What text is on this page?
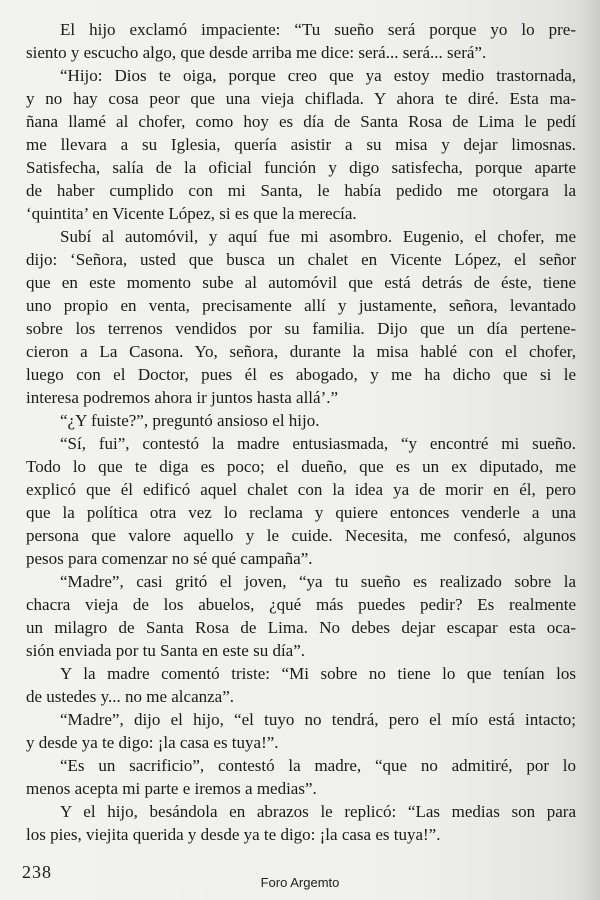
El hijo exclamó impaciente: “Tu sueño será porque yo lo pre-
siento y escucho algo, que desde arriba me dice: será... será... será”.
“Hijo: Dios te oiga, porque creo que ya estoy medio trastornada,
y no hay cosa peor que una vieja chiflada. Y ahora te diré. Esta ma-
ñana llamé al chofer, como hoy es día de Santa Rosa de Lima le pedí
me llevara a su Iglesia, quería asistir a su misa y dejar limosnas.
Satisfecha, salía de la oficial función y digo satisfecha, porque aparte
de haber cumplido con mi Santa, le había pedido me otorgara la
‘quintita’ en Vicente López, si es que la merecía.
Subí al automóvil, y aquí fue mi asombro. Eugenio, el chofer, me
dijo: ‘Señora, usted que busca un chalet en Vicente López, el señor
que en este momento sube al automóvil que está detrás de éste, tiene
uno propio en venta, precisamente allí y justamente, señora, levantado
sobre los terrenos vendidos por su familia. Dijo que un día pertene-
cieron a La Casona. Yo, señora, durante la misa hablé con el chofer,
luego con el Doctor, pues él es abogado, y me ha dicho que si le
interesa podremos ahora ir juntos hasta allá’.”
“¿Y fuiste?”, preguntó ansioso el hijo.
“Sí, fui”, contestó la madre entusiasmada, “y encontré mi sueño.
Todo lo que te diga es poco; el dueño, que es un ex diputado, me
explicó que él edificó aquel chalet con la idea ya de morir en él, pero
que la política otra vez lo reclama y quiere entonces venderle a una
persona que valore aquello y le cuide. Necesita, me confesó, algunos
pesos para comenzar no sé qué campaña”.
“Madre”, casi gritó el joven, “ya tu sueño es realizado sobre la
chacra vieja de los abuelos, ¿qué más puedes pedir? Es realmente
un milagro de Santa Rosa de Lima. No debes dejar escapar esta oca-
sión enviada por tu Santa en este su día”.
Y la madre comentó triste: “Mi sobre no tiene lo que tenían los
de ustedes y... no me alcanza”.
“Madre”, dijo el hijo, “el tuyo no tendrá, pero el mío está intacto;
y desde ya te digo: ¡la casa es tuya!”.
“Es un sacrificio”, contestó la madre, “que no admitiré, por lo
menos acepta mi parte e iremos a medias”.
Y el hijo, besándola en abrazos le replicó: “Las medias son para
los pies, viejita querida y desde ya te digo: ¡la casa es tuya!”.
238
Foro Argemto
